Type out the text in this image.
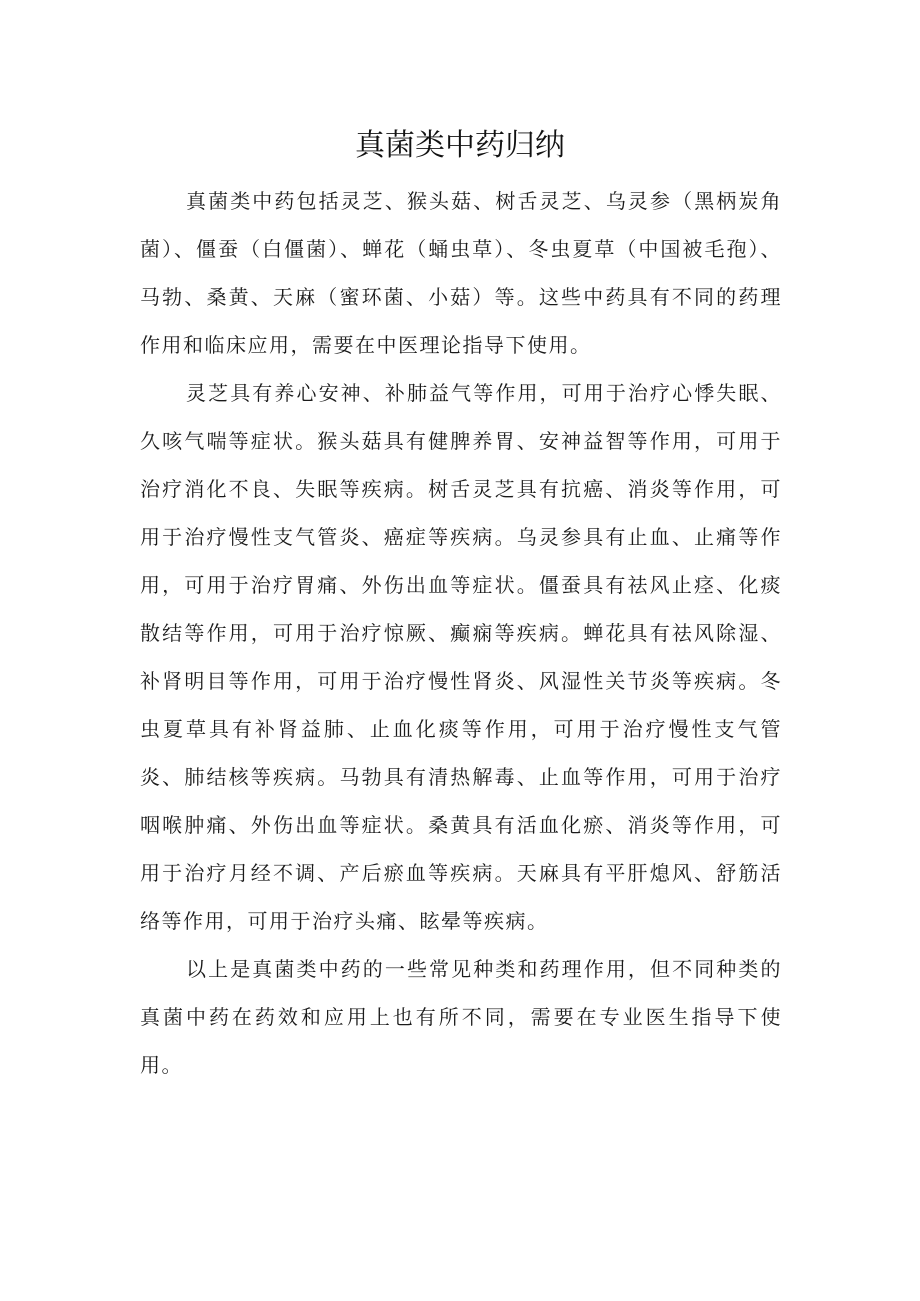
真菌类中药归纳

真菌类中药包括灵芝、猴头菇、树舌灵芝、乌灵参（黑柄炭角菌）、僵蚕（白僵菌）、蝉花（蛹虫草）、冬虫夏草（中国被毛孢）、马勃、桑黄、天麻（蜜环菌、小菇）等。这些中药具有不同的药理作用和临床应用，需要在中医理论指导下使用。

灵芝具有养心安神、补肺益气等作用，可用于治疗心悸失眠、久咳气喘等症状。猴头菇具有健脾养胃、安神益智等作用，可用于治疗消化不良、失眠等疾病。树舌灵芝具有抗癌、消炎等作用，可用于治疗慢性支气管炎、癌症等疾病。乌灵参具有止血、止痛等作用，可用于治疗胃痛、外伤出血等症状。僵蚕具有祛风止痉、化痰散结等作用，可用于治疗惊厥、癫痫等疾病。蝉花具有祛风除湿、补肾明目等作用，可用于治疗慢性肾炎、风湿性关节炎等疾病。冬虫夏草具有补肾益肺、止血化痰等作用，可用于治疗慢性支气管炎、肺结核等疾病。马勃具有清热解毒、止血等作用，可用于治疗咽喉肿痛、外伤出血等症状。桑黄具有活血化瘀、消炎等作用，可用于治疗月经不调、产后瘀血等疾病。天麻具有平肝熄风、舒筋活络等作用，可用于治疗头痛、眩晕等疾病。

以上是真菌类中药的一些常见种类和药理作用，但不同种类的真菌中药在药效和应用上也有所不同，需要在专业医生指导下使用。
